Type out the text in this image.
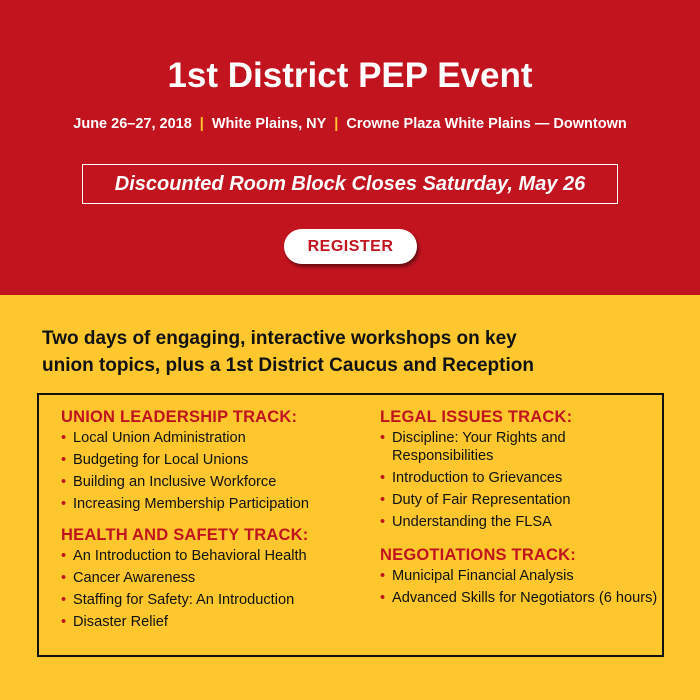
1st District PEP Event
June 26–27, 2018 | White Plains, NY | Crowne Plaza White Plains — Downtown
Discounted Room Block Closes Saturday, May 26
REGISTER
Two days of engaging, interactive workshops on key
union topics, plus a 1st District Caucus and Reception
UNION LEADERSHIP TRACK:
• Local Union Administration
• Budgeting for Local Unions
• Building an Inclusive Workforce
• Increasing Membership Participation
HEALTH AND SAFETY TRACK:
• An Introduction to Behavioral Health
• Cancer Awareness
• Staffing for Safety: An Introduction
• Disaster Relief
LEGAL ISSUES TRACK:
• Discipline: Your Rights and Responsibilities
• Introduction to Grievances
• Duty of Fair Representation
• Understanding the FLSA
NEGOTIATIONS TRACK:
• Municipal Financial Analysis
• Advanced Skills for Negotiators (6 hours)
